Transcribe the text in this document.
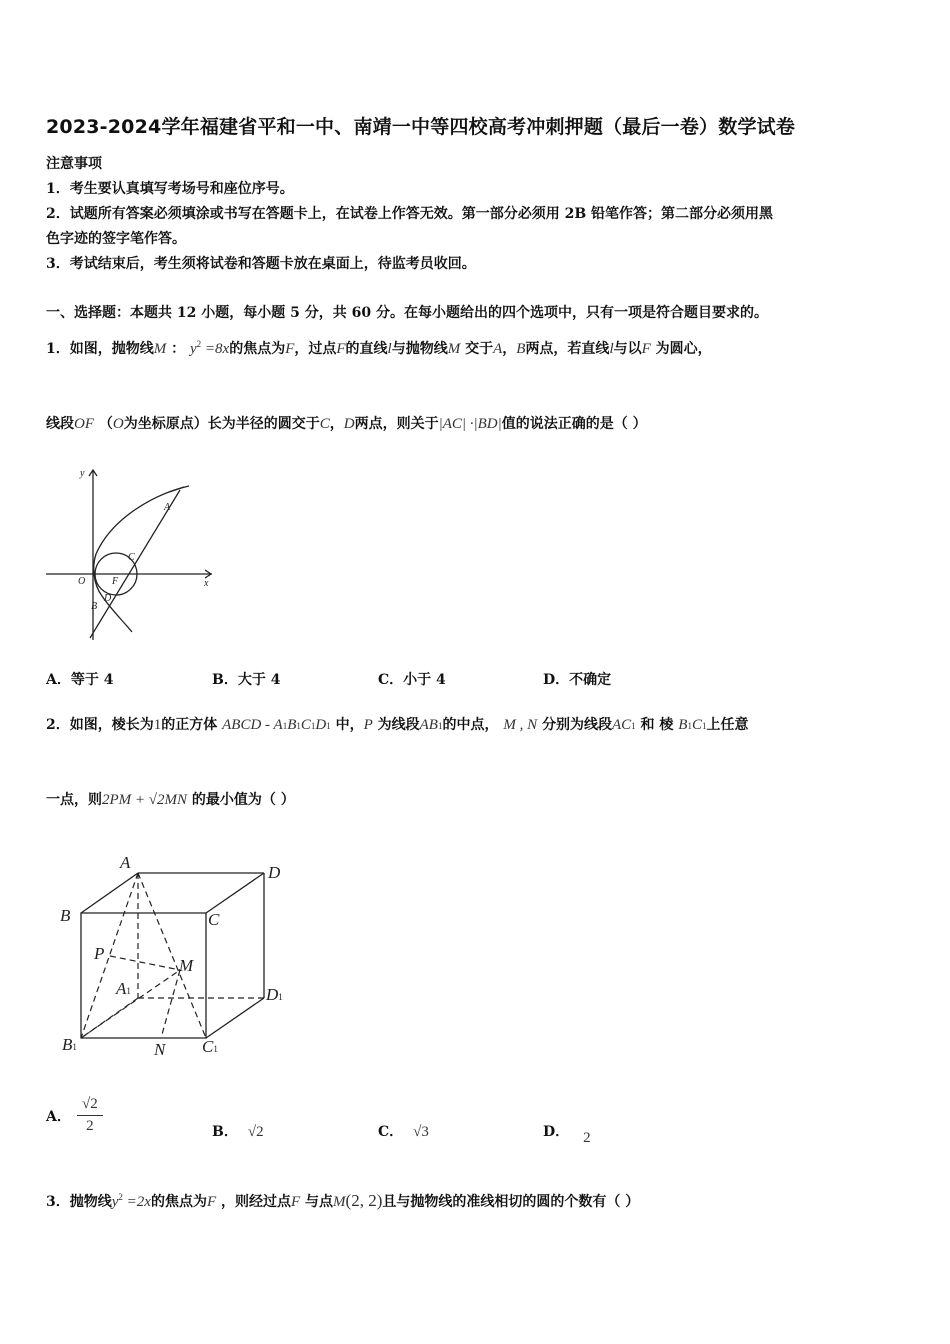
2023-2024学年福建省平和一中、南靖一中等四校高考冲刺押题（最后一卷）数学试卷
注意事项
1．考生要认真填写考场号和座位序号。
2．试题所有答案必须填涂或书写在答题卡上，在试卷上作答无效。第一部分必须用 2B 铅笔作答；第二部分必须用黑
色字迹的签字笔作答。
3．考试结束后，考生须将试卷和答题卡放在桌面上，待监考员收回。
一、选择题：本题共 12 小题，每小题 5 分，共 60 分。在每小题给出的四个选项中，只有一项是符合题目要求的。
1．如图，抛物线M ： $y^2 =8x$的焦点为F，过点F的直线l与抛物线M 交于A，B两点，若直线l与以F 为圆心，
线段OF （O为坐标原点）长为半径的圆交于C，D两点，则关于|AC| ·|BD|值的说法正确的是（ ）
y
x
O	F
A
B
C
D
A．等于 4	B．大于 4	C．小于 4	D．不确定
2．如图，棱长为1的正方体 ABCD - A1B1C1D1 中，P 为线段AB1的中点， M , N 分别为线段AC1 和 棱 B1C1上任意
一点，则2PM + √2MN 的最小值为（ ）
A
D
B	C
P
M
A1	D1
B1	N C1
A． $\frac{√2}{2}$	B． √2	C． √3	D． 2
3．抛物线$y^2 =2x$的焦点为F ，则经过点F 与点M(2, 2)且与抛物线的准线相切的圆的个数有（ ）
